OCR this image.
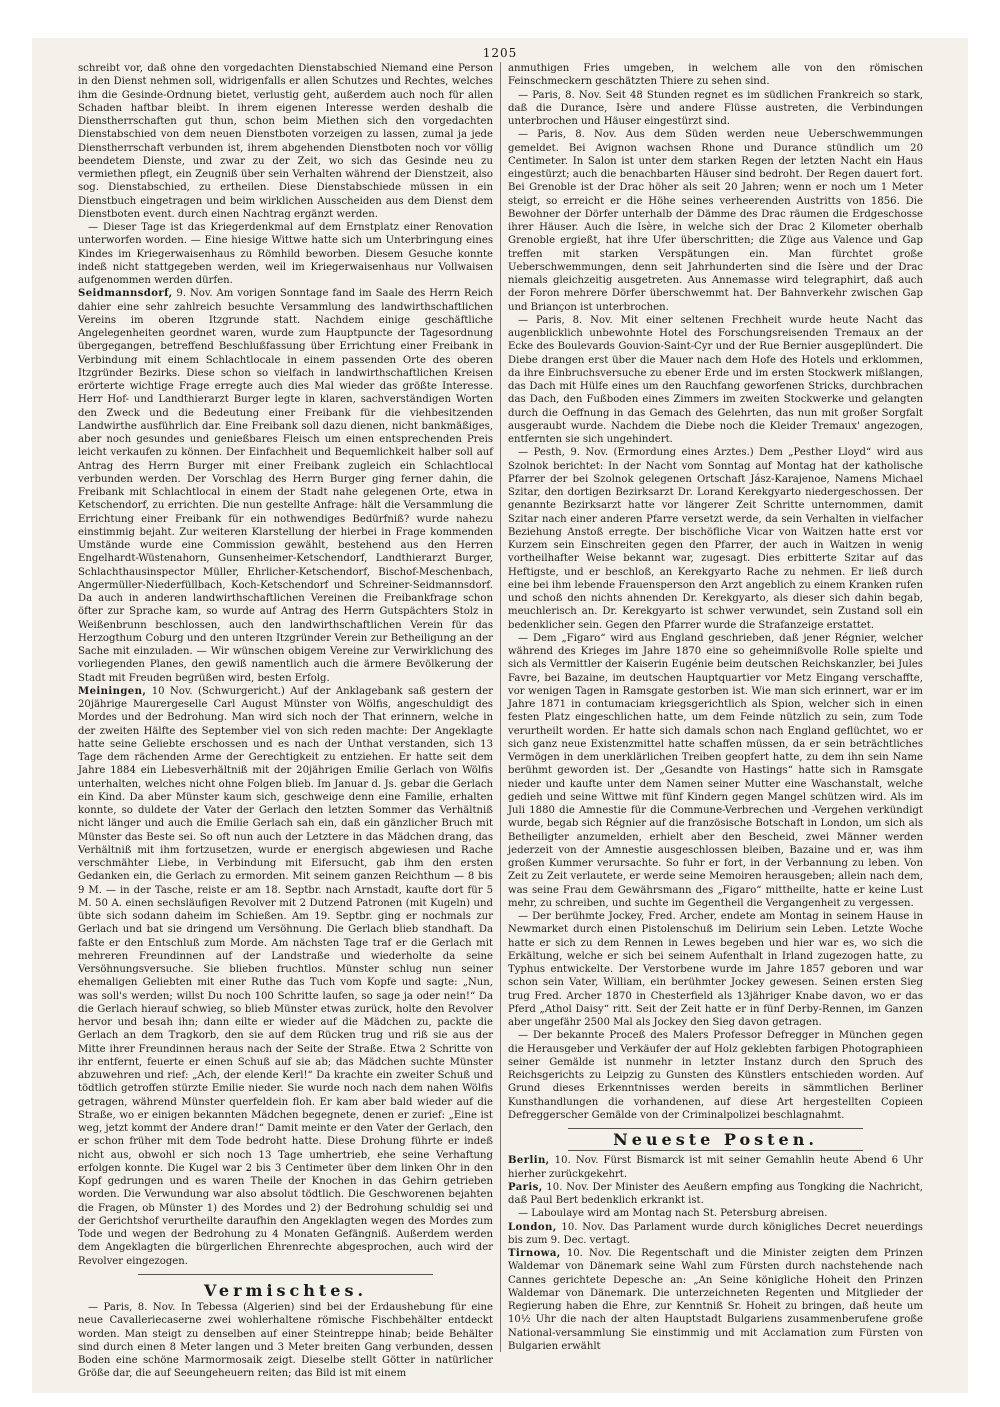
1205

schreibt vor, daß ohne den vorgedachten Dienstabschied Niemand eine Person in den Dienst nehmen soll, widrigenfalls er allen Schutzes und Rechtes, welches ihm die Gesinde-Ordnung bietet, verlustig geht, außerdem auch noch für allen Schaden haftbar bleibt. In ihrem eigenen Interesse werden deshalb die Dienstherrschaften gut thun, schon beim Miethen sich den vorgedachten Dienstabschied von dem neuen Dienstboten vorzeigen zu lassen, zumal ja jede Dienstherrschaft verbunden ist, ihrem abgehenden Dienstboten noch vor völlig beendetem Dienste, und zwar zu der Zeit, wo sich das Gesinde neu zu vermiethen pflegt, ein Zeugniß über sein Verhalten während der Dienstzeit, also sog. Dienstabschied, zu ertheilen. Diese Dienstabschiede müssen in ein Dienstbuch eingetragen und beim wirklichen Ausscheiden aus dem Dienst dem Dienstboten event. durch einen Nachtrag ergänzt werden.

— Dieser Tage ist das Kriegerdenkmal auf dem Ernstplatz einer Renovation unterworfen worden. — Eine hiesige Wittwe hatte sich um Unterbringung eines Kindes im Kriegerwaisenhaus zu Römhild beworben. Diesem Gesuche konnte indeß nicht stattgegeben werden, weil im Kriegerwaisenhaus nur Vollwaisen aufgenommen werden dürfen.

Seidmannsdorf, 9. Nov. Am vorigen Sonntage fand im Saale des Herrn Reich dahier eine sehr zahlreich besuchte Versammlung des landwirthschaftlichen Vereins im oberen Itzgrunde statt. Nachdem einige geschäftliche Angelegenheiten geordnet waren, wurde zum Hauptpuncte der Tagesordnung übergegangen, betreffend Beschlußfassung über Errichtung einer Freibank in Verbindung mit einem Schlachtlocale in einem passenden Orte des oberen Itzgründer Bezirks. Diese schon so vielfach in landwirthschaftlichen Kreisen erörterte wichtige Frage erregte auch dies Mal wieder das größte Interesse. Herr Hof- und Landthierarzt Burger legte in klaren, sachverständigen Worten den Zweck und die Bedeutung einer Freibank für die viehbesitzenden Landwirthe ausführlich dar. Eine Freibank soll dazu dienen, nicht bankmäßiges, aber noch gesundes und genießbares Fleisch um einen entsprechenden Preis leicht verkaufen zu können. Der Einfachheit und Bequemlichkeit halber soll auf Antrag des Herrn Burger mit einer Freibank zugleich ein Schlachtlocal verbunden werden. Der Vorschlag des Herrn Burger ging ferner dahin, die Freibank mit Schlachtlocal in einem der Stadt nahe gelegenen Orte, etwa in Ketschendorf, zu errichten. Die nun gestellte Anfrage: hält die Versammlung die Errichtung einer Freibank für ein nothwendiges Bedürfniß? wurde nahezu einstimmig bejaht. Zur weiteren Klarstellung der hierbei in Frage kommenden Umstände wurde eine Commission gewählt, bestehend aus den Herren Engelhardt-Wüstenahorn, Gunsenheimer-Ketschendorf, Landthierarzt Burger, Schlachthausinspector Müller, Ehrlicher-Ketschendorf, Bischof-Meschenbach, Angermüller-Niederfüllbach, Koch-Ketschendorf und Schreiner-Seidmannsdorf. Da auch in anderen landwirthschaftlichen Vereinen die Freibankfrage schon öfter zur Sprache kam, so wurde auf Antrag des Herrn Gutspächters Stolz in Weißenbrunn beschlossen, auch den landwirthschaftlichen Verein für das Herzogthum Coburg und den unteren Itzgründer Verein zur Betheiligung an der Sache mit einzuladen. — Wir wünschen obigem Vereine zur Verwirklichung des vorliegenden Planes, den gewiß namentlich auch die ärmere Bevölkerung der Stadt mit Freuden begrüßen wird, besten Erfolg.

Meiningen, 10 Nov. (Schwurgericht.) Auf der Anklagebank saß gestern der 20jährige Maurergeselle Carl August Münster von Wölfis, angeschuldigt des Mordes und der Bedrohung. Man wird sich noch der That erinnern, welche in der zweiten Hälfte des September viel von sich reden machte: Der Angeklagte hatte seine Geliebte erschossen und es nach der Unthat verstanden, sich 13 Tage dem rächenden Arme der Gerechtigkeit zu entziehen. Er hatte seit dem Jahre 1884 ein Liebesverhältniß mit der 20jährigen Emilie Gerlach von Wölfis unterhalten, welches nicht ohne Folgen blieb. Im Januar d. Js. gebar die Gerlach ein Kind. Da aber Münster kaum sich, geschweige denn eine Familie, erhalten konnte, so duldete der Vater der Gerlach den letzten Sommer das Verhältniß nicht länger und auch die Emilie Gerlach sah ein, daß ein gänzlicher Bruch mit Münster das Beste sei. So oft nun auch der Letztere in das Mädchen drang, das Verhältniß mit ihm fortzusetzen, wurde er energisch abgewiesen und Rache verschmähter Liebe, in Verbindung mit Eifersucht, gab ihm den ersten Gedanken ein, die Gerlach zu ermorden. Mit seinem ganzen Reichthum — 8 bis 9 M. — in der Tasche, reiste er am 18. Septbr. nach Arnstadt, kaufte dort für 5 M. 50 A. einen sechsläufigen Revolver mit 2 Dutzend Patronen (mit Kugeln) und übte sich sodann daheim im Schießen. Am 19. Septbr. ging er nochmals zur Gerlach und bat sie dringend um Versöhnung. Die Gerlach blieb standhaft. Da faßte er den Entschluß zum Morde. Am nächsten Tage traf er die Gerlach mit mehreren Freundinnen auf der Landstraße und wiederholte da seine Versöhnungsversuche. Sie blieben fruchtlos. Münster schlug nun seiner ehemaligen Geliebten mit einer Ruthe das Tuch vom Kopfe und sagte: „Nun, was soll's werden; willst Du noch 100 Schritte laufen, so sage ja oder nein!“ Da die Gerlach hierauf schwieg, so blieb Münster etwas zurück, holte den Revolver hervor und besah ihn; dann eilte er wieder auf die Mädchen zu, packte die Gerlach an dem Tragkorb, den sie auf dem Rücken trug und riß sie aus der Mitte ihrer Freundinnen heraus nach der Seite der Straße. Etwa 2 Schritte von ihr entfernt, feuerte er einen Schuß auf sie ab; das Mädchen suchte Münster abzuwehren und rief: „Ach, der elende Kerl!“ Da krachte ein zweiter Schuß und tödtlich getroffen stürzte Emilie nieder. Sie wurde noch nach dem nahen Wölfis getragen, während Münster querfeldein floh. Er kam aber bald wieder auf die Straße, wo er einigen bekannten Mädchen begegnete, denen er zurief: „Eine ist weg, jetzt kommt der Andere dran!“ Damit meinte er den Vater der Gerlach, den er schon früher mit dem Tode bedroht hatte. Diese Drohung führte er indeß nicht aus, obwohl er sich noch 13 Tage umhertrieb, ehe seine Verhaftung erfolgen konnte. Die Kugel war 2 bis 3 Centimeter über dem linken Ohr in den Kopf gedrungen und es waren Theile der Knochen in das Gehirn getrieben worden. Die Verwundung war also absolut tödtlich. Die Geschworenen bejahten die Fragen, ob Münster 1) des Mordes und 2) der Bedrohung schuldig sei und der Gerichtshof verurtheilte daraufhin den Angeklagten wegen des Mordes zum Tode und wegen der Bedrohung zu 4 Monaten Gefängniß. Außerdem werden dem Angeklagten die bürgerlichen Ehrenrechte abgesprochen, auch wird der Revolver eingezogen.

Vermischtes.

— Paris, 8. Nov. In Tebessa (Algerien) sind bei der Erdaushebung für eine neue Cavalleriecaserne zwei wohlerhaltene römische Fischbehälter entdeckt worden. Man steigt zu denselben auf einer Steintreppe hinab; beide Behälter sind durch einen 8 Meter langen und 3 Meter breiten Gang verbunden, dessen Boden eine schöne Marmormosaik zeigt. Dieselbe stellt Götter in natürlicher Größe dar, die auf Seeungeheuern reiten; das Bild ist mit einem

anmuthigen Fries umgeben, in welchem alle von den römischen Feinschmeckern geschätzten Thiere zu sehen sind.

— Paris, 8. Nov. Seit 48 Stunden regnet es im südlichen Frankreich so stark, daß die Durance, Isère und andere Flüsse austreten, die Verbindungen unterbrochen und Häuser eingestürzt sind.

— Paris, 8. Nov. Aus dem Süden werden neue Ueberschwemmungen gemeldet. Bei Avignon wachsen Rhone und Durance stündlich um 20 Centimeter. In Salon ist unter dem starken Regen der letzten Nacht ein Haus eingestürzt; auch die benachbarten Häuser sind bedroht. Der Regen dauert fort. Bei Grenoble ist der Drac höher als seit 20 Jahren; wenn er noch um 1 Meter steigt, so erreicht er die Höhe seines verheerenden Austritts von 1856. Die Bewohner der Dörfer unterhalb der Dämme des Drac räumen die Erdgeschosse ihrer Häuser. Auch die Isère, in welche sich der Drac 2 Kilometer oberhalb Grenoble ergießt, hat ihre Ufer überschritten; die Züge aus Valence und Gap treffen mit starken Verspätungen ein. Man fürchtet große Ueberschwemmungen, denn seit Jahrhunderten sind die Isère und der Drac niemals gleichzeitig ausgetreten. Aus Annemasse wird telegraphirt, daß auch der Foron mehrere Dörfer überschwemmt hat. Der Bahnverkehr zwischen Gap und Briançon ist unterbrochen.

— Paris, 8. Nov. Mit einer seltenen Frechheit wurde heute Nacht das augenblicklich unbewohnte Hotel des Forschungsreisenden Tremaux an der Ecke des Boulevards Gouvion-Saint-Cyr und der Rue Bernier ausgeplündert. Die Diebe drangen erst über die Mauer nach dem Hofe des Hotels und erklommen, da ihre Einbruchsversuche zu ebener Erde und im ersten Stockwerk mißlangen, das Dach mit Hülfe eines um den Rauchfang geworfenen Stricks, durchbrachen das Dach, den Fußboden eines Zimmers im zweiten Stockwerke und gelangten durch die Oeffnung in das Gemach des Gelehrten, das nun mit großer Sorgfalt ausgeraubt wurde. Nachdem die Diebe noch die Kleider Tremaux' angezogen, entfernten sie sich ungehindert.

— Pesth, 9. Nov. (Ermordung eines Arztes.) Dem „Pesther Lloyd“ wird aus Szolnok berichtet: In der Nacht vom Sonntag auf Montag hat der katholische Pfarrer der bei Szolnok gelegenen Ortschaft Jász-Karajenoe, Namens Michael Szitar, den dortigen Bezirksarzt Dr. Lorand Kerekgyarto niedergeschossen. Der genannte Bezirksarzt hatte vor längerer Zeit Schritte unternommen, damit Szitar nach einer anderen Pfarre versetzt werde, da sein Verhalten in vielfacher Beziehung Anstoß erregte. Der bischöfliche Vicar von Waitzen hatte erst vor Kurzem sein Einschreiten gegen den Pfarrer, der auch in Waitzen in wenig vortheilhafter Weise bekannt war, zugesagt. Dies erbitterte Szitar auf das Heftigste, und er beschloß, an Kerekgyarto Rache zu nehmen. Er ließ durch eine bei ihm lebende Frauensperson den Arzt angeblich zu einem Kranken rufen und schoß den nichts ahnenden Dr. Kerekgyarto, als dieser sich dahin begab, meuchlerisch an. Dr. Kerekgyarto ist schwer verwundet, sein Zustand soll ein bedenklicher sein. Gegen den Pfarrer wurde die Strafanzeige erstattet.

— Dem „Figaro“ wird aus England geschrieben, daß jener Régnier, welcher während des Krieges im Jahre 1870 eine so geheimnißvolle Rolle spielte und sich als Vermittler der Kaiserin Eugénie beim deutschen Reichskanzler, bei Jules Favre, bei Bazaine, im deutschen Hauptquartier vor Metz Eingang verschaffte, vor wenigen Tagen in Ramsgate gestorben ist. Wie man sich erinnert, war er im Jahre 1871 in contumaciam kriegsgerichtlich als Spion, welcher sich in einen festen Platz eingeschlichen hatte, um dem Feinde nützlich zu sein, zum Tode verurtheilt worden. Er hatte sich damals schon nach England geflüchtet, wo er sich ganz neue Existenzmittel hatte schaffen müssen, da er sein beträchtliches Vermögen in dem unerklärlichen Treiben geopfert hatte, zu dem ihn sein Name berühmt geworden ist. Der „Gesandte von Hastings“ hatte sich in Ramsgate nieder und kaufte unter dem Namen seiner Mutter eine Waschanstalt, welche gedieh und seine Wittwe mit fünf Kindern gegen Mangel schützen wird. Als im Juli 1880 die Amnestie für die Commune-Verbrechen und -Vergehen verkündigt wurde, begab sich Régnier auf die französische Botschaft in London, um sich als Betheiligter anzumelden, erhielt aber den Bescheid, zwei Männer werden jederzeit von der Amnestie ausgeschlossen bleiben, Bazaine und er, was ihm großen Kummer verursachte. So fuhr er fort, in der Verbannung zu leben. Von Zeit zu Zeit verlautete, er werde seine Memoiren herausgeben; allein nach dem, was seine Frau dem Gewährsmann des „Figaro“ mittheilte, hatte er keine Lust mehr, zu schreiben, und suchte im Gegentheil die Vergangenheit zu vergessen.

— Der berühmte Jockey, Fred. Archer, endete am Montag in seinem Hause in Newmarket durch einen Pistolenschuß im Delirium sein Leben. Letzte Woche hatte er sich zu dem Rennen in Lewes begeben und hier war es, wo sich die Erkältung, welche er sich bei seinem Aufenthalt in Irland zugezogen hatte, zu Typhus entwickelte. Der Verstorbene wurde im Jahre 1857 geboren und war schon sein Vater, William, ein berühmter Jockey gewesen. Seinen ersten Sieg trug Fred. Archer 1870 in Chesterfield als 13jähriger Knabe davon, wo er das Pferd „Athol Daisy“ ritt. Seit der Zeit hatte er in fünf Derby-Rennen, im Ganzen aber ungefähr 2500 Mal als Jockey den Sieg davon getragen.

— Der bekannte Proceß des Malers Professor Defregger in München gegen die Herausgeber und Verkäufer der auf Holz geklebten farbigen Photographieen seiner Gemälde ist nunmehr in letzter Instanz durch den Spruch des Reichsgerichts zu Leipzig zu Gunsten des Künstlers entschieden worden. Auf Grund dieses Erkenntnisses werden bereits in sämmtlichen Berliner Kunsthandlungen die vorhandenen, auf diese Art hergestellten Copieen Defreggerscher Gemälde von der Criminalpolizei beschlagnahmt.

Neueste Posten.

Berlin, 10. Nov. Fürst Bismarck ist mit seiner Gemahlin heute Abend 6 Uhr hierher zurückgekehrt.

Paris, 10. Nov. Der Minister des Aeußern empfing aus Tongking die Nachricht, daß Paul Bert bedenklich erkrankt ist.

— Laboulaye wird am Montag nach St. Petersburg abreisen.

London, 10. Nov. Das Parlament wurde durch königliches Decret neuerdings bis zum 9. Dec. vertagt.

Tirnowa, 10. Nov. Die Regentschaft und die Minister zeigten dem Prinzen Waldemar von Dänemark seine Wahl zum Fürsten durch nachstehende nach Cannes gerichtete Depesche an: „An Seine königliche Hoheit den Prinzen Waldemar von Dänemark. Die unterzeichneten Regenten und Mitglieder der Regierung haben die Ehre, zur Kenntniß Sr. Hoheit zu bringen, daß heute um 10½ Uhr die nach der alten Hauptstadt Bulgariens zusammenberufene große National-versammlung Sie einstimmig und mit Acclamation zum Fürsten von Bulgarien erwählt
